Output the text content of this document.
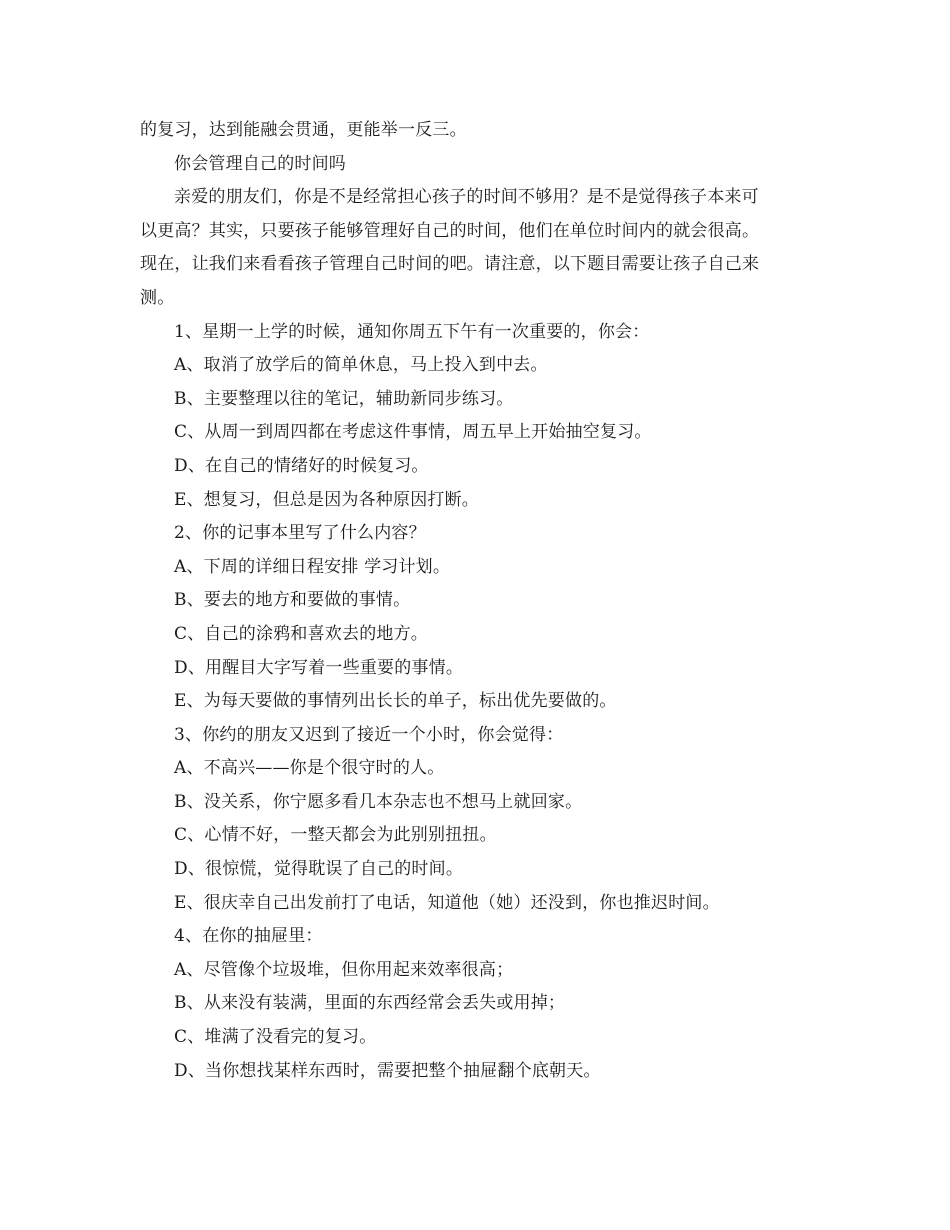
的复习，达到能融会贯通，更能举一反三。

你会管理自己的时间吗

亲爱的朋友们，你是不是经常担心孩子的时间不够用？是不是觉得孩子本来可

以更高？其实，只要孩子能够管理好自己的时间，他们在单位时间内的就会很高。

现在，让我们来看看孩子管理自己时间的吧。请注意，以下题目需要让孩子自己来

测。

1、星期一上学的时候，通知你周五下午有一次重要的，你会：

A、取消了放学后的简单休息，马上投入到中去。

B、主要整理以往的笔记，辅助新同步练习。

C、从周一到周四都在考虑这件事情，周五早上开始抽空复习。

D、在自己的情绪好的时候复习。

E、想复习，但总是因为各种原因打断。

2、你的记事本里写了什么内容？

A、下周的详细日程安排 学习计划。

B、要去的地方和要做的事情。

C、自己的涂鸦和喜欢去的地方。

D、用醒目大字写着一些重要的事情。

E、为每天要做的事情列出长长的单子，标出优先要做的。

3、你约的朋友又迟到了接近一个小时，你会觉得：

A、不高兴——你是个很守时的人。

B、没关系，你宁愿多看几本杂志也不想马上就回家。

C、心情不好，一整天都会为此别别扭扭。

D、很惊慌，觉得耽误了自己的时间。

E、很庆幸自己出发前打了电话，知道他（她）还没到，你也推迟时间。

4、在你的抽屉里：

A、尽管像个垃圾堆，但你用起来效率很高；

B、从来没有装满，里面的东西经常会丢失或用掉；

C、堆满了没看完的复习。

D、当你想找某样东西时，需要把整个抽屉翻个底朝天。
